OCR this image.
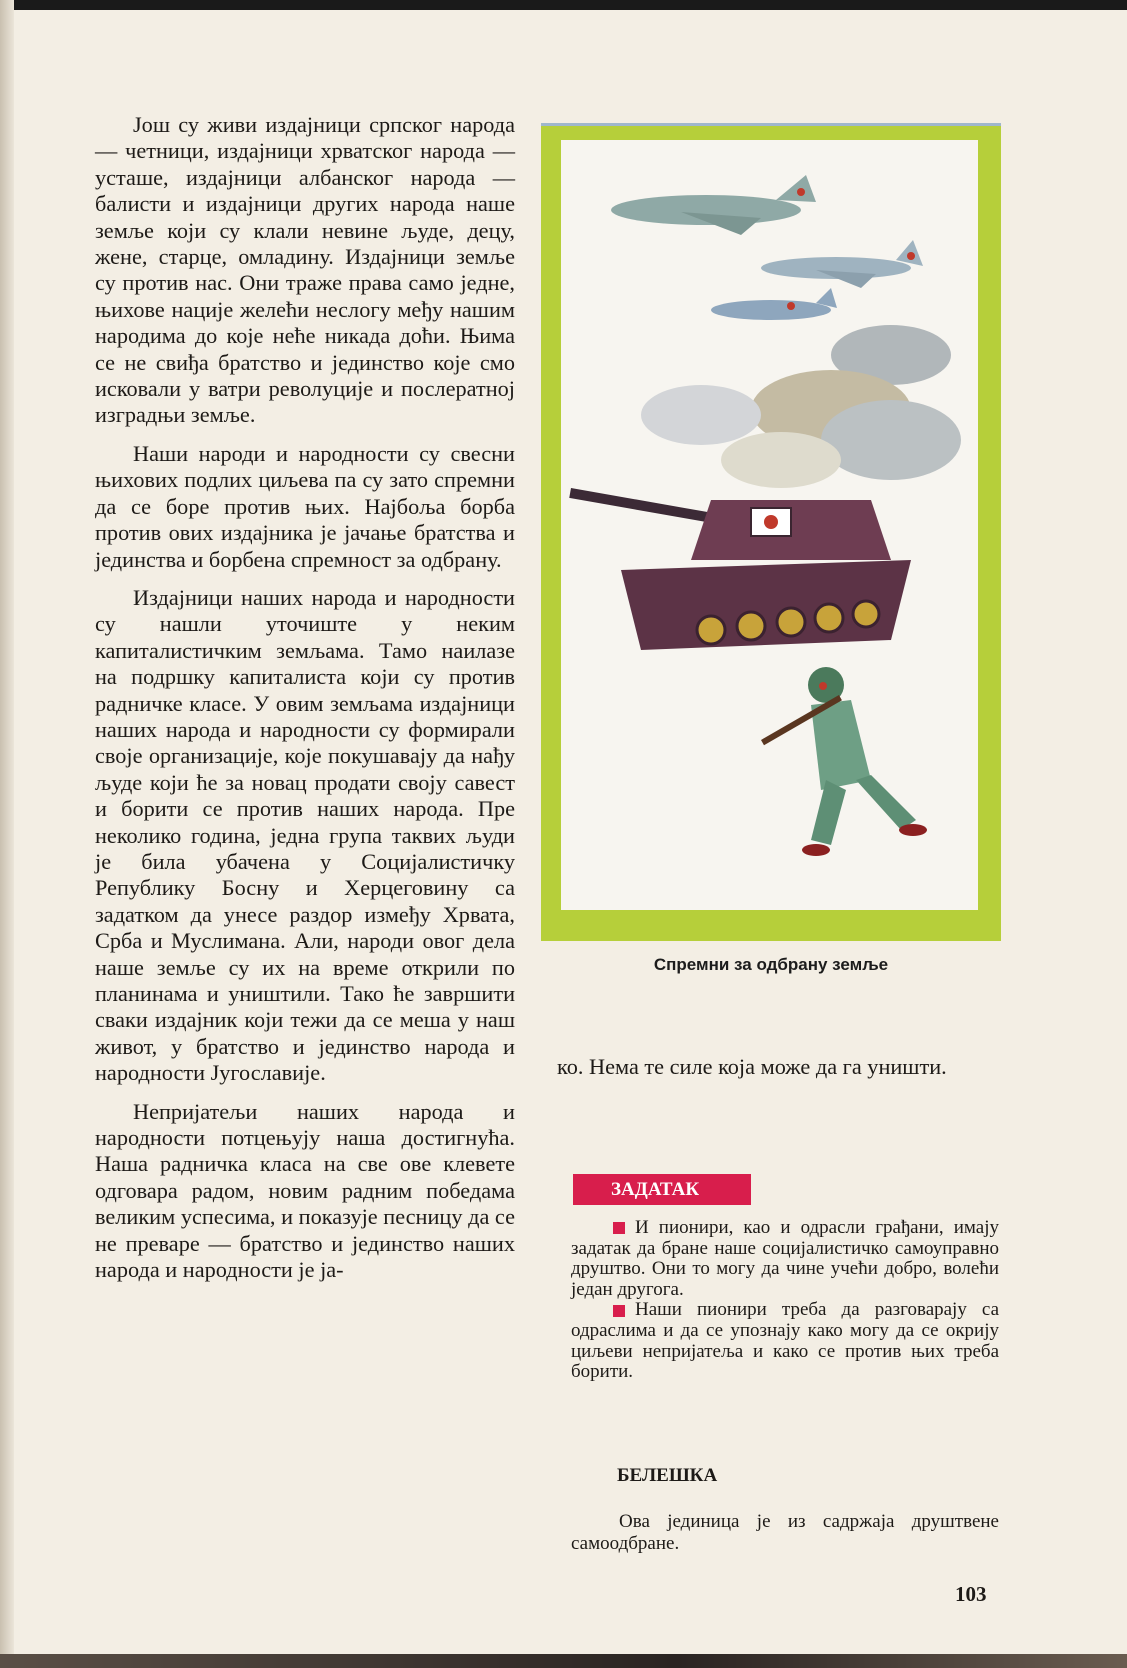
Још су живи издајници српског народа — четници, издајници хрватског народа — усташе, издајници албанског народа — балисти и издајници других народа наше земље који су клали невине људе, децу, жене, старце, омладину. Издајници земље су против нас. Они траже права само једне, њихове нације желећи неслогу међу нашим народима до које неће никада доћи. Њима се не свиђа братство и јединство које смо исковали у ватри револуције и послератној изградњи земље.

Наши народи и народности су свесни њихових подлих циљева па су зато спремни да се боре против њих. Најбоља борба против ових издајника је јачање братства и јединства и борбена спремност за одбрану.

Издајници наших народа и народности су нашли уточиште у неким капиталистичким земљама. Тамо наилазе на подршку капиталиста који су против радничке класе. У овим земљама издајници наших народа и народности су формирали своје организације, које покушавају да нађу људе који ће за новац продати своју савест и борити се против наших народа. Пре неколико година, једна група таквих људи је била убачена у Социјалистичку Републику Босну и Херцеговину са задатком да унесе раздор између Хрвата, Срба и Муслимана. Али, народи овог дела наше земље су их на време открили по планинама и уништили. Тако ће завршити сваки издајник који тежи да се меша у наш живот, у братство и јединство народа и народности Југославије.

Непријатељи наших народа и народности потцењују наша достигнућа. Наша радничка класа на све ове клевете одговара радом, новим радним победама великим успесима, и показује песницу да се не преваре — братство и јединство наших народа и народности је ја-

Спремни за одбрану земље
ко. Нема те силе која може да га уништи.
ЗАДАТАК

И пионири, као и одрасли грађани, имају задатак да бране наше социјалистичко самоуправно друштво. Они то могу да чине учећи добро, волећи један другога.

Наши пионири треба да разговарају са одраслима и да се упознају како могу да се окрију циљеви непријатеља и како се против њих треба борити.

БЕЛЕШКА
Ова јединица је из садржаја друштвене самоодбране.
103
